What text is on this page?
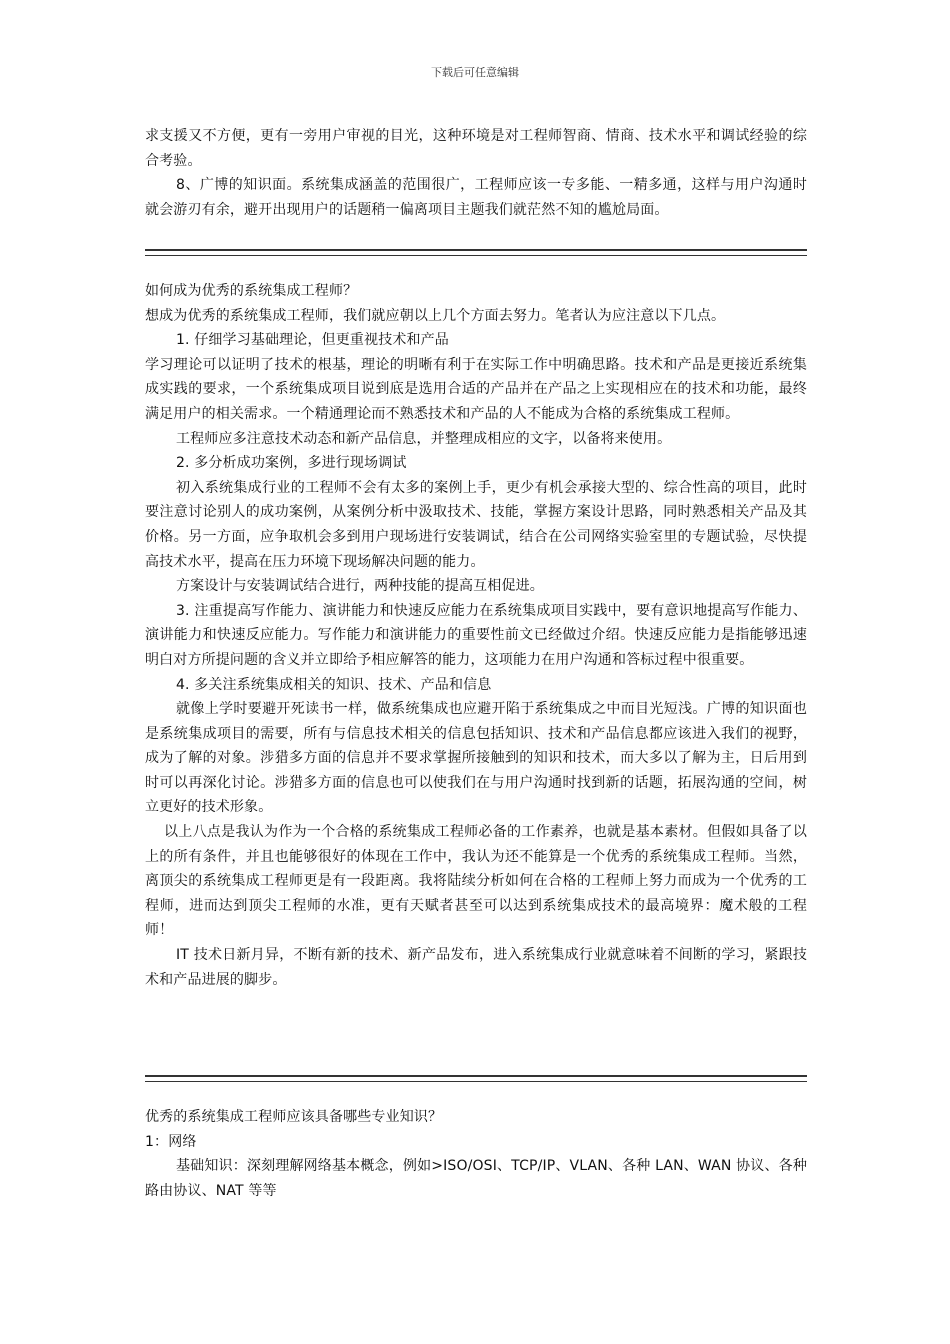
下载后可任意编辑

求支援又不方便，更有一旁用户审视的目光，这种环境是对工程师智商、情商、技术水平和调试经验的综合考验。

8、广博的知识面。系统集成涵盖的范围很广，工程师应该一专多能、一精多通，这样与用户沟通时就会游刃有余，避开出现用户的话题稍一偏离项目主题我们就茫然不知的尴尬局面。

如何成为优秀的系统集成工程师？

想成为优秀的系统集成工程师，我们就应朝以上几个方面去努力。笔者认为应注意以下几点。

1. 仔细学习基础理论，但更重视技术和产品

学习理论可以证明了技术的根基，理论的明晰有利于在实际工作中明确思路。技术和产品是更接近系统集成实践的要求，一个系统集成项目说到底是选用合适的产品并在产品之上实现相应在的技术和功能，最终满足用户的相关需求。一个精通理论而不熟悉技术和产品的人不能成为合格的系统集成工程师。

工程师应多注意技术动态和新产品信息，并整理成相应的文字，以备将来使用。

2. 多分析成功案例，多进行现场调试

初入系统集成行业的工程师不会有太多的案例上手，更少有机会承接大型的、综合性高的项目，此时要注意讨论别人的成功案例，从案例分析中汲取技术、技能，掌握方案设计思路，同时熟悉相关产品及其价格。另一方面，应争取机会多到用户现场进行安装调试，结合在公司网络实验室里的专题试验，尽快提高技术水平，提高在压力环境下现场解决问题的能力。

方案设计与安装调试结合进行，两种技能的提高互相促进。

3. 注重提高写作能力、演讲能力和快速反应能力在系统集成项目实践中，要有意识地提高写作能力、演讲能力和快速反应能力。写作能力和演讲能力的重要性前文已经做过介绍。快速反应能力是指能够迅速明白对方所提问题的含义并立即给予相应解答的能力，这项能力在用户沟通和答标过程中很重要。

4. 多关注系统集成相关的知识、技术、产品和信息

就像上学时要避开死读书一样，做系统集成也应避开陷于系统集成之中而目光短浅。广博的知识面也是系统集成项目的需要，所有与信息技术相关的信息包括知识、技术和产品信息都应该进入我们的视野，成为了解的对象。涉猎多方面的信息并不要求掌握所接触到的知识和技术，而大多以了解为主，日后用到时可以再深化讨论。涉猎多方面的信息也可以使我们在与用户沟通时找到新的话题，拓展沟通的空间，树立更好的技术形象。

以上八点是我认为作为一个合格的系统集成工程师必备的工作素养，也就是基本素材。但假如具备了以上的所有条件，并且也能够很好的体现在工作中，我认为还不能算是一个优秀的系统集成工程师。当然，离顶尖的系统集成工程师更是有一段距离。我将陆续分析如何在合格的工程师上努力而成为一个优秀的工程师，进而达到顶尖工程师的水准，更有天赋者甚至可以达到系统集成技术的最高境界：魔术般的工程师！

IT 技术日新月异，不断有新的技术、新产品发布，进入系统集成行业就意味着不间断的学习，紧跟技术和产品进展的脚步。

优秀的系统集成工程师应该具备哪些专业知识？

1：网络

基础知识：深刻理解网络基本概念，例如>ISO/OSI、TCP/IP、VLAN、各种 LAN、WAN 协议、各种路由协议、NAT 等等
